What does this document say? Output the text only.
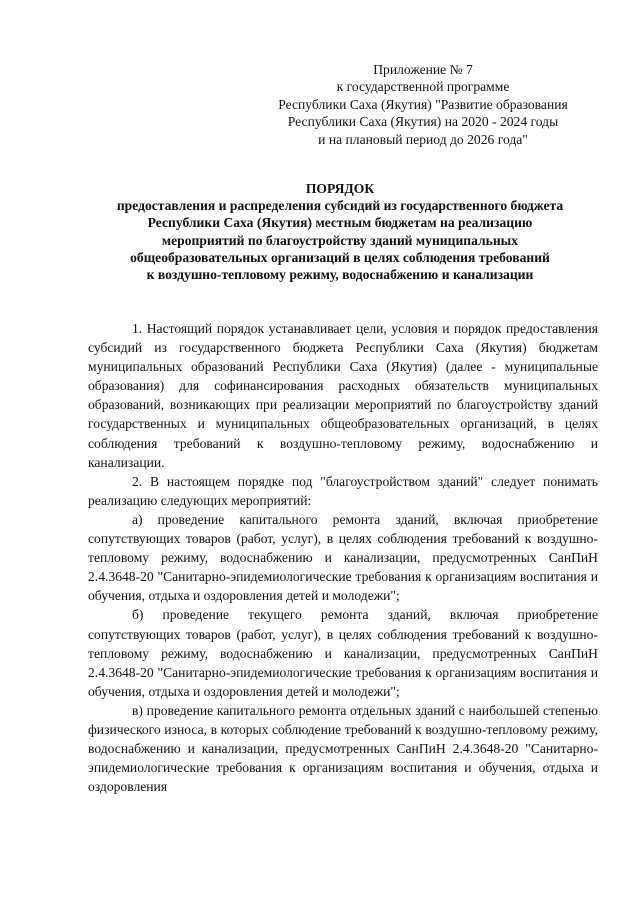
Приложение № 7
к государственной программе
Республики Саха (Якутия) "Развитие образования
Республики Саха (Якутия) на 2020 - 2024 годы
и на плановый период до 2026 года"
ПОРЯДОК
предоставления и распределения субсидий из государственного бюджета
Республики Саха (Якутия) местным бюджетам на реализацию
мероприятий по благоустройству зданий муниципальных
общеобразовательных организаций в целях соблюдения требований
к воздушно-тепловому режиму, водоснабжению и канализации

1. Настоящий порядок устанавливает цели, условия и порядок предоставления субсидий из государственного бюджета Республики Саха (Якутия) бюджетам муниципальных образований Республики Саха (Якутия) (далее - муниципальные образования) для софинансирования расходных обязательств муниципальных образований, возникающих при реализации мероприятий по благоустройству зданий государственных и муниципальных общеобразовательных организаций, в целях соблюдения требований к воздушно-тепловому режиму, водоснабжению и канализации.

2. В настоящем порядке под "благоустройством зданий" следует понимать реализацию следующих мероприятий:

а) проведение капитального ремонта зданий, включая приобретение сопутствующих товаров (работ, услуг), в целях соблюдения требований к воздушно-тепловому режиму, водоснабжению и канализации, предусмотренных СанПиН 2.4.3648-20 "Санитарно-эпидемиологические требования к организациям воспитания и обучения, отдыха и оздоровления детей и молодежи";

б) проведение текущего ремонта зданий, включая приобретение сопутствующих товаров (работ, услуг), в целях соблюдения требований к воздушно-тепловому режиму, водоснабжению и канализации, предусмотренных СанПиН 2.4.3648-20 "Санитарно-эпидемиологические требования к организациям воспитания и обучения, отдыха и оздоровления детей и молодежи";

в) проведение капитального ремонта отдельных зданий с наибольшей степенью физического износа, в которых соблюдение требований к воздушно-тепловому режиму, водоснабжению и канализации, предусмотренных СанПиН 2.4.3648-20 "Санитарно-эпидемиологические требования к организациям воспитания и обучения, отдыха и оздоровления
